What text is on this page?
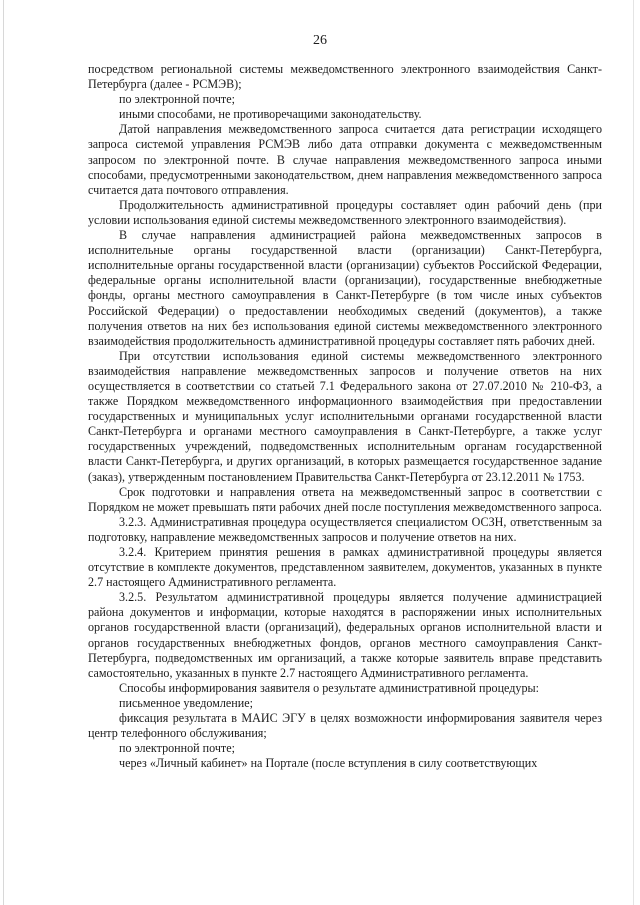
26

посредством региональной системы межведомственного электронного взаимодействия Санкт-Петербурга (далее - РСМЭВ);

по электронной почте;

иными способами, не противоречащими законодательству.

Датой направления межведомственного запроса считается дата регистрации исходящего запроса системой управления РСМЭВ либо дата отправки документа с межведомственным запросом по электронной почте. В случае направления межведомственного запроса иными способами, предусмотренными законодательством, днем направления межведомственного запроса считается дата почтового отправления.

Продолжительность административной процедуры составляет один рабочий день (при условии использования единой системы межведомственного электронного взаимодействия).

В случае направления администрацией района межведомственных запросов в исполнительные органы государственной власти (организации) Санкт-Петербурга, исполнительные органы государственной власти (организации) субъектов Российской Федерации, федеральные органы исполнительной власти (организации), государственные внебюджетные фонды, органы местного самоуправления в Санкт-Петербурге (в том числе иных субъектов Российской Федерации) о предоставлении необходимых сведений (документов), а также получения ответов на них без использования единой системы межведомственного электронного взаимодействия продолжительность административной процедуры составляет пять рабочих дней.

При отсутствии использования единой системы межведомственного электронного взаимодействия направление межведомственных запросов и получение ответов на них осуществляется в соответствии со статьей 7.1 Федерального закона от 27.07.2010 № 210-ФЗ, а также Порядком межведомственного информационного взаимодействия при предоставлении государственных и муниципальных услуг исполнительными органами государственной власти Санкт-Петербурга и органами местного самоуправления в Санкт-Петербурге, а также услуг государственных учреждений, подведомственных исполнительным органам государственной власти Санкт-Петербурга, и других организаций, в которых размещается государственное задание (заказ), утвержденным постановлением Правительства Санкт-Петербурга от 23.12.2011 № 1753.

Срок подготовки и направления ответа на межведомственный запрос в соответствии с Порядком не может превышать пяти рабочих дней после поступления межведомственного запроса.

3.2.3. Административная процедура осуществляется специалистом ОСЗН, ответственным за подготовку, направление межведомственных запросов и получение ответов на них.

3.2.4. Критерием принятия решения в рамках административной процедуры является отсутствие в комплекте документов, представленном заявителем, документов, указанных в пункте 2.7 настоящего Административного регламента.

3.2.5. Результатом административной процедуры является получение администрацией района документов и информации, которые находятся в распоряжении иных исполнительных органов государственной власти (организаций), федеральных органов исполнительной власти и органов государственных внебюджетных фондов, органов местного самоуправления Санкт-Петербурга, подведомственных им организаций, а также которые заявитель вправе представить самостоятельно, указанных в пункте 2.7 настоящего Административного регламента.

Способы информирования заявителя о результате административной процедуры:

письменное уведомление;

фиксация результата в МАИС ЭГУ в целях возможности информирования заявителя через центр телефонного обслуживания;

по электронной почте;

через «Личный кабинет» на Портале (после вступления в силу соответствующих
